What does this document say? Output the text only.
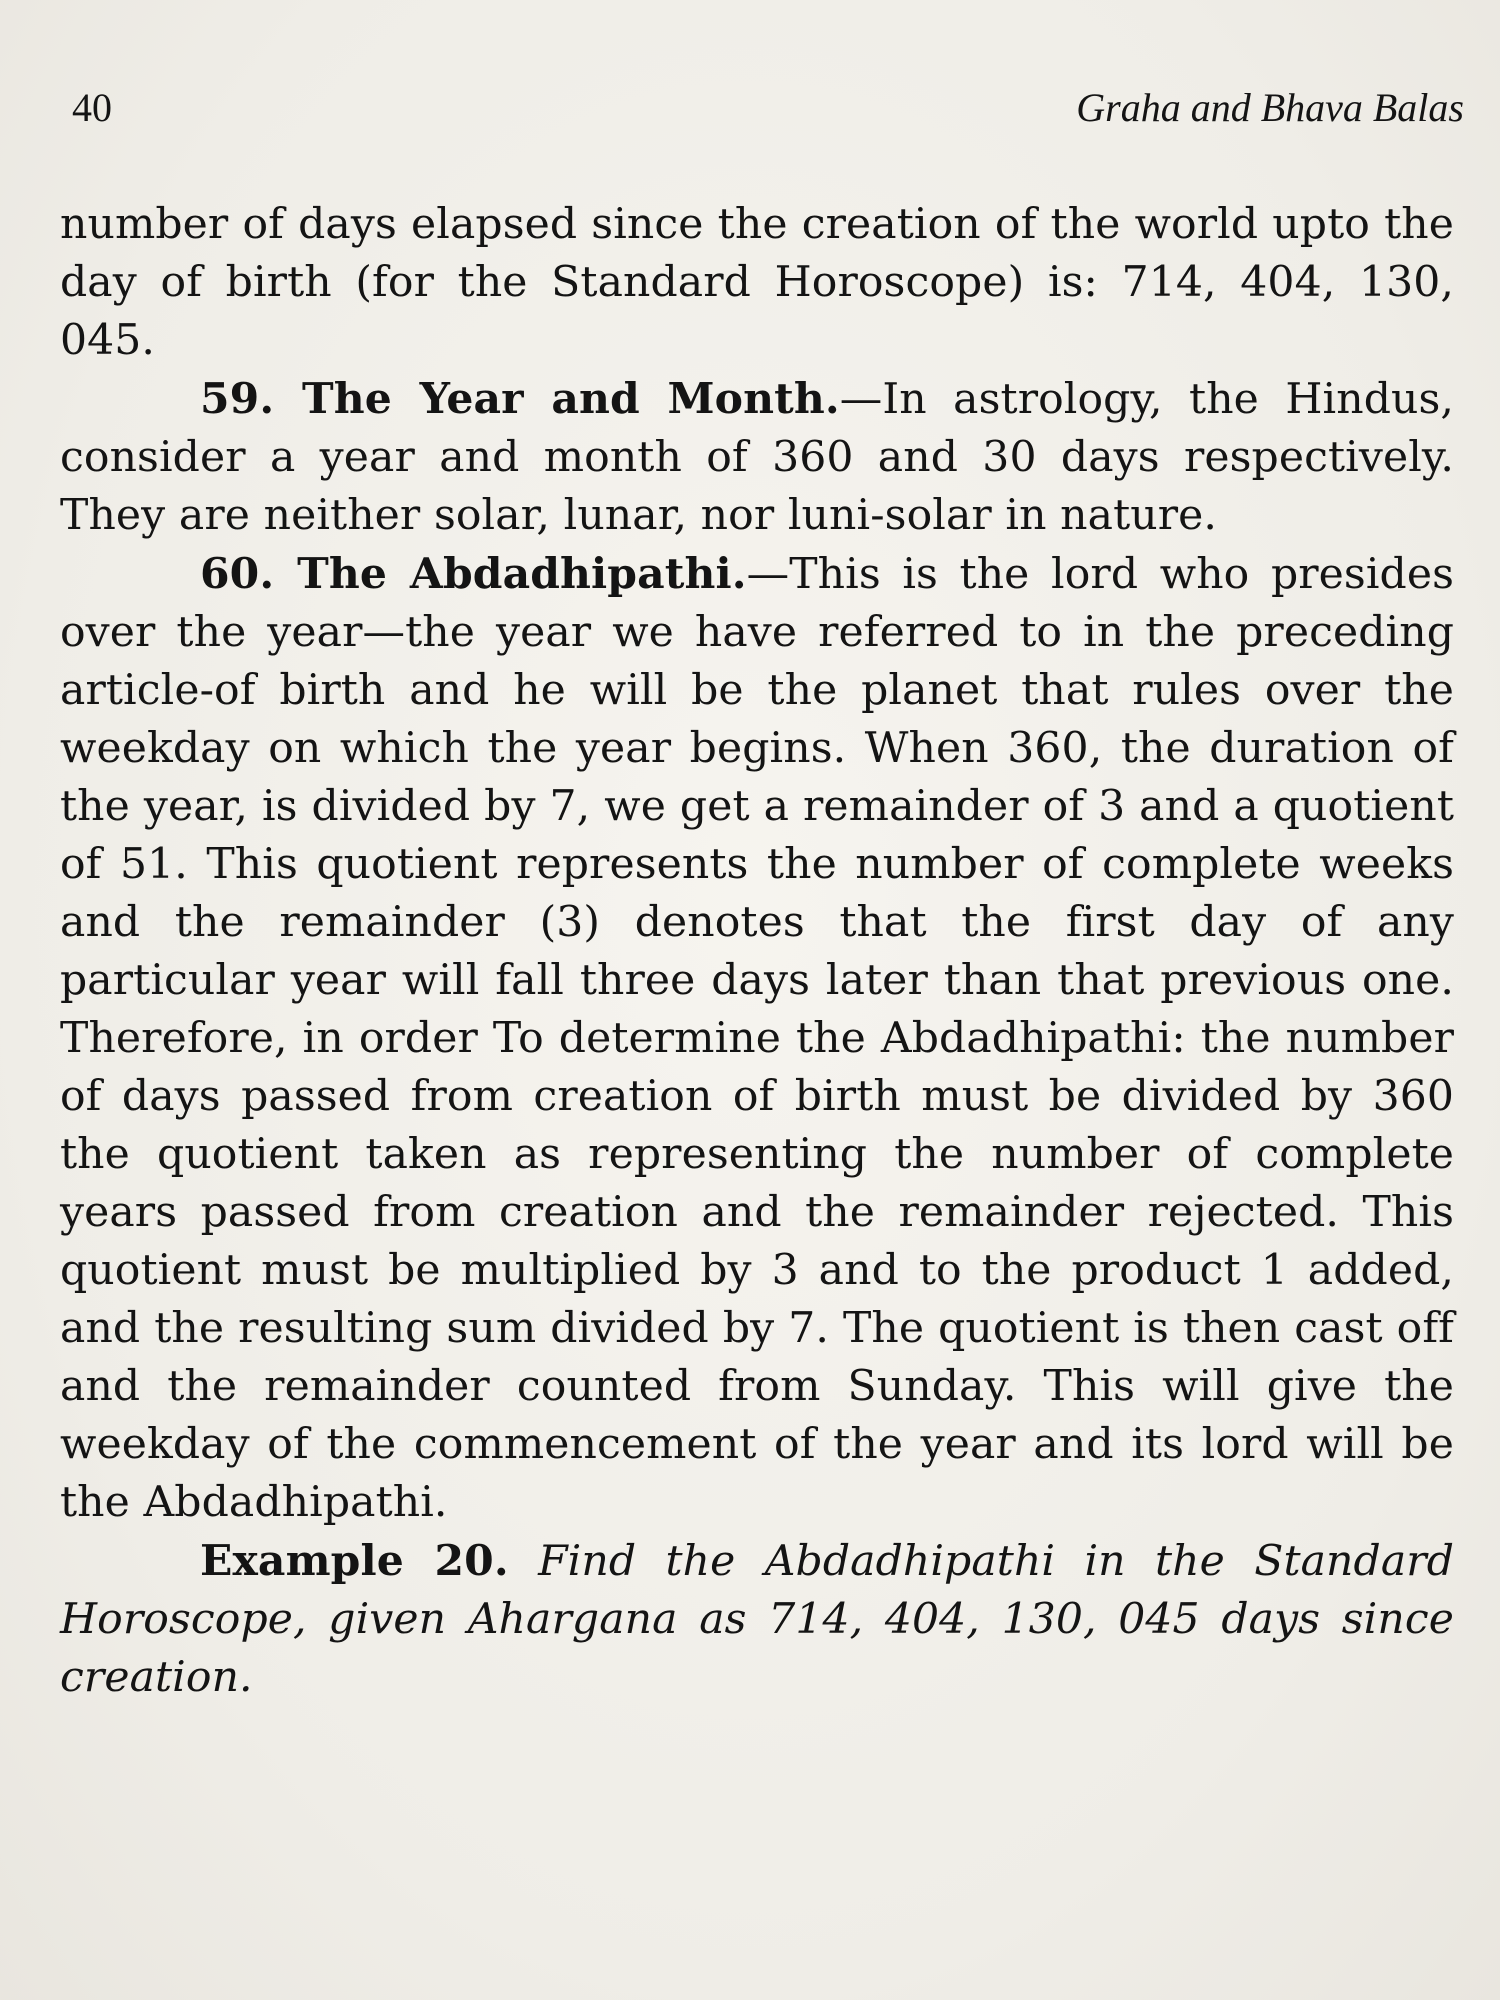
40	Graha and Bhava Balas

number of days elapsed since the creation of the world upto the day of birth (for the Standard Horoscope) is: 714, 404, 130, 045.

59. The Year and Month.—In astrology, the Hindus, consider a year and month of 360 and 30 days respectively. They are neither solar, lunar, nor luni-solar in nature.

60. The Abdadhipathi.—This is the lord who presides over the year—the year we have referred to in the preceding article-of birth and he will be the planet that rules over the weekday on which the year begins. When 360, the duration of the year, is divided by 7, we get a remainder of 3 and a quotient of 51. This quotient represents the number of complete weeks and the remainder (3) denotes that the first day of any particular year will fall three days later than that previous one. Therefore, in order To determine the Abdadhipathi: the number of days passed from creation of birth must be divided by 360 the quotient taken as representing the number of complete years passed from creation and the remainder rejected. This quotient must be multiplied by 3 and to the product 1 added, and the resulting sum divided by 7. The quotient is then cast off and the remainder counted from Sunday. This will give the weekday of the commencement of the year and its lord will be the Abdadhipathi.

Example 20. Find the Abdadhipathi in the Standard Horoscope, given Ahargana as 714, 404, 130, 045 days since creation.
